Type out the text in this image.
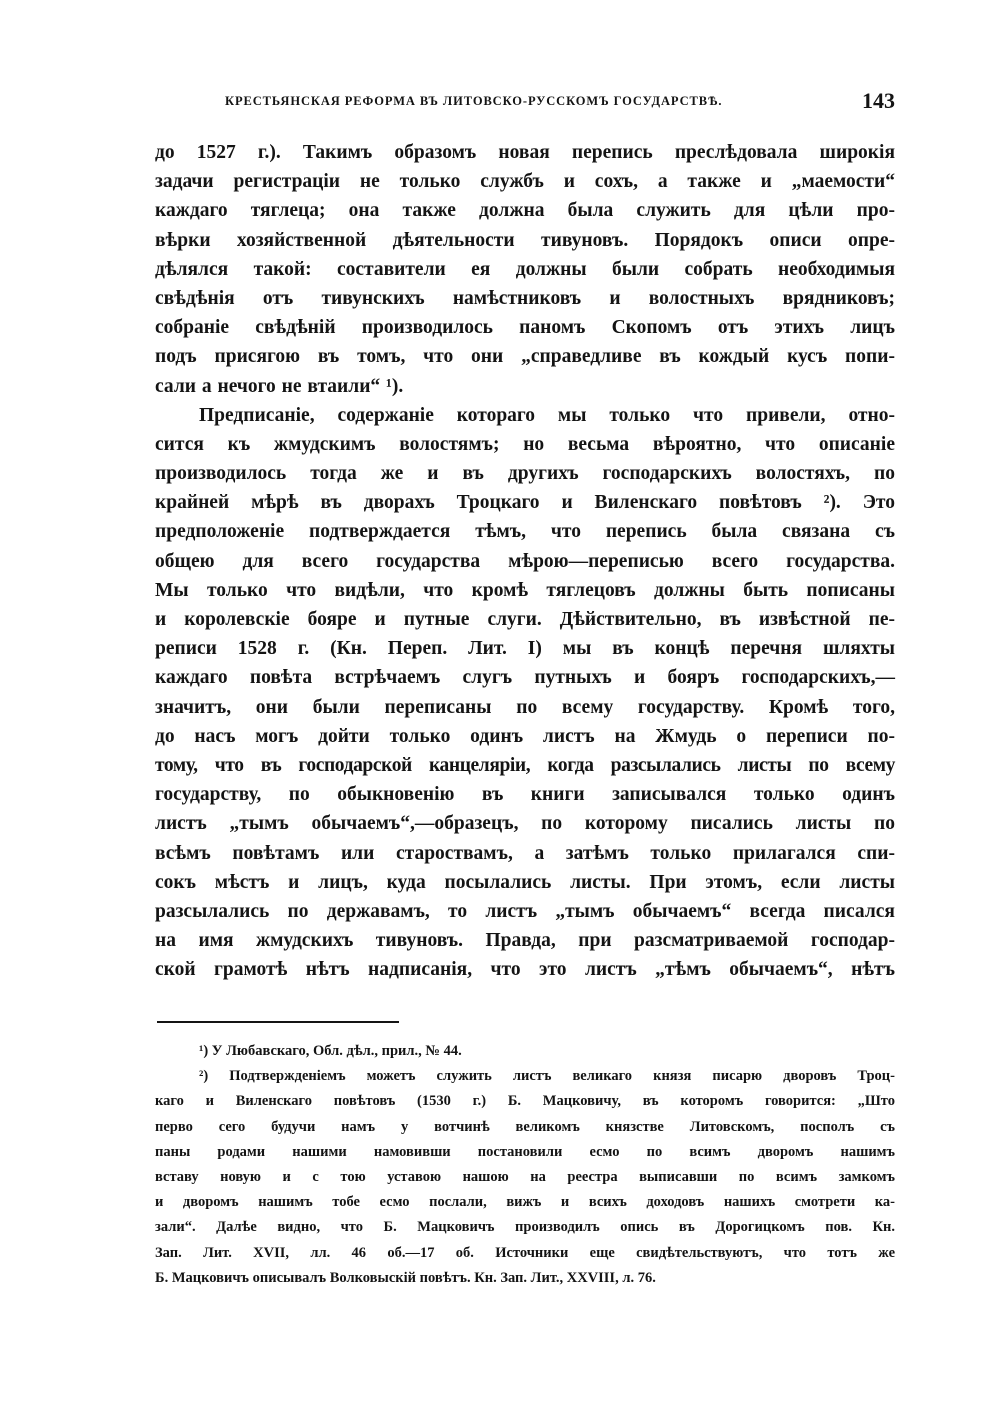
КРЕСТЬЯНСКАЯ РЕФОРМА ВЪ ЛИТОВСКО-РУССКОМЪ ГОСУДАРСТВѢ.	143
до 1527 г.). Такимъ образомъ новая перепись преслѣдовала широкія
задачи регистраціи не только службъ и сохъ, а также и „маемости“
каждаго тяглеца; она также должна была служить для цѣли про-
вѣрки хозяйственной дѣятельности тивуновъ. Порядокъ описи опре-
дѣлялся такой: составители ея должны были собрать необходимыя
свѣдѣнія отъ тивунскихъ намѣстниковъ и волостныхъ врядниковъ;
собраніе свѣдѣній производилось паномъ Скопомъ отъ этихъ лицъ
подъ присягою въ томъ, что они „справедливе въ кождый кусъ попи-
сали а нечого не втаили“ ¹).
Предписаніе, содержаніе котораго мы только что привели, отно-
сится къ жмудскимъ волостямъ; но весьма вѣроятно, что описаніе
производилось тогда же и въ другихъ господарскихъ волостяхъ, по
крайней мѣрѣ въ дворахъ Троцкаго и Виленскаго повѣтовъ ²). Это
предположеніе подтверждается тѣмъ, что перепись была связана съ
общею для всего государства мѣрою—переписью всего государства.
Мы только что видѣли, что кромѣ тяглецовъ должны быть пописаны
и королевскіе бояре и путные слуги. Дѣйствительно, въ извѣстной пе-
реписи 1528 г. (Кн. Переп. Лит. I) мы въ концѣ перечня шляхты
каждаго повѣта встрѣчаемъ слугъ путныхъ и бояръ господарскихъ,—
значитъ, они были переписаны по всему государству. Кромѣ того,
до насъ могъ дойти только одинъ листъ на Жмудь о переписи по-
тому, что въ господарской канцеляріи, когда разсылались листы по всему
государству, по обыкновенію въ книги записывался только одинъ
листъ „тымъ обычаемъ“,—образецъ, по которому писались листы по
всѣмъ повѣтамъ или староствамъ, а затѣмъ только прилагался спи-
сокъ мѣстъ и лицъ, куда посылались листы. При этомъ, если листы
разсылались по державамъ, то листъ „тымъ обычаемъ“ всегда писался
на имя жмудскихъ тивуновъ. Правда, при разсматриваемой господар-
ской грамотѣ нѣтъ надписанія, что это листъ „тѣмъ обычаемъ“, нѣтъ
¹) У Любавскаго, Обл. дѣл., прил., № 44.
²) Подтвержденіемъ можетъ служить листъ великаго князя писарю дворовъ Троц-
каго и Виленскаго повѣтовъ (1530 г.) Б. Мацковичу, въ которомъ говорится: „Што
перво сего будучи намъ у вотчинѣ великомъ князстве Литовскомъ, посполъ съ
паны родами нашими намовивши постановили есмо по всимъ дворомъ нашимъ
вставу новую и с тою уставою нашою на реестра выписавши по всимъ замкомъ
и дворомъ нашимъ тобе есмо послали, вижъ и всихъ доходовъ нашихъ смотрети ка-
зали“. Далѣе видно, что Б. Мацковичъ производилъ опись въ Дорогицкомъ пов. Кн.
Зап. Лит. XVII, лл. 46 об.—17 об. Источники еще свидѣтельствуютъ, что тотъ же
Б. Мацковичъ описывалъ Волковыскій повѣтъ. Кн. Зап. Лит., XXVIII, л. 76.
